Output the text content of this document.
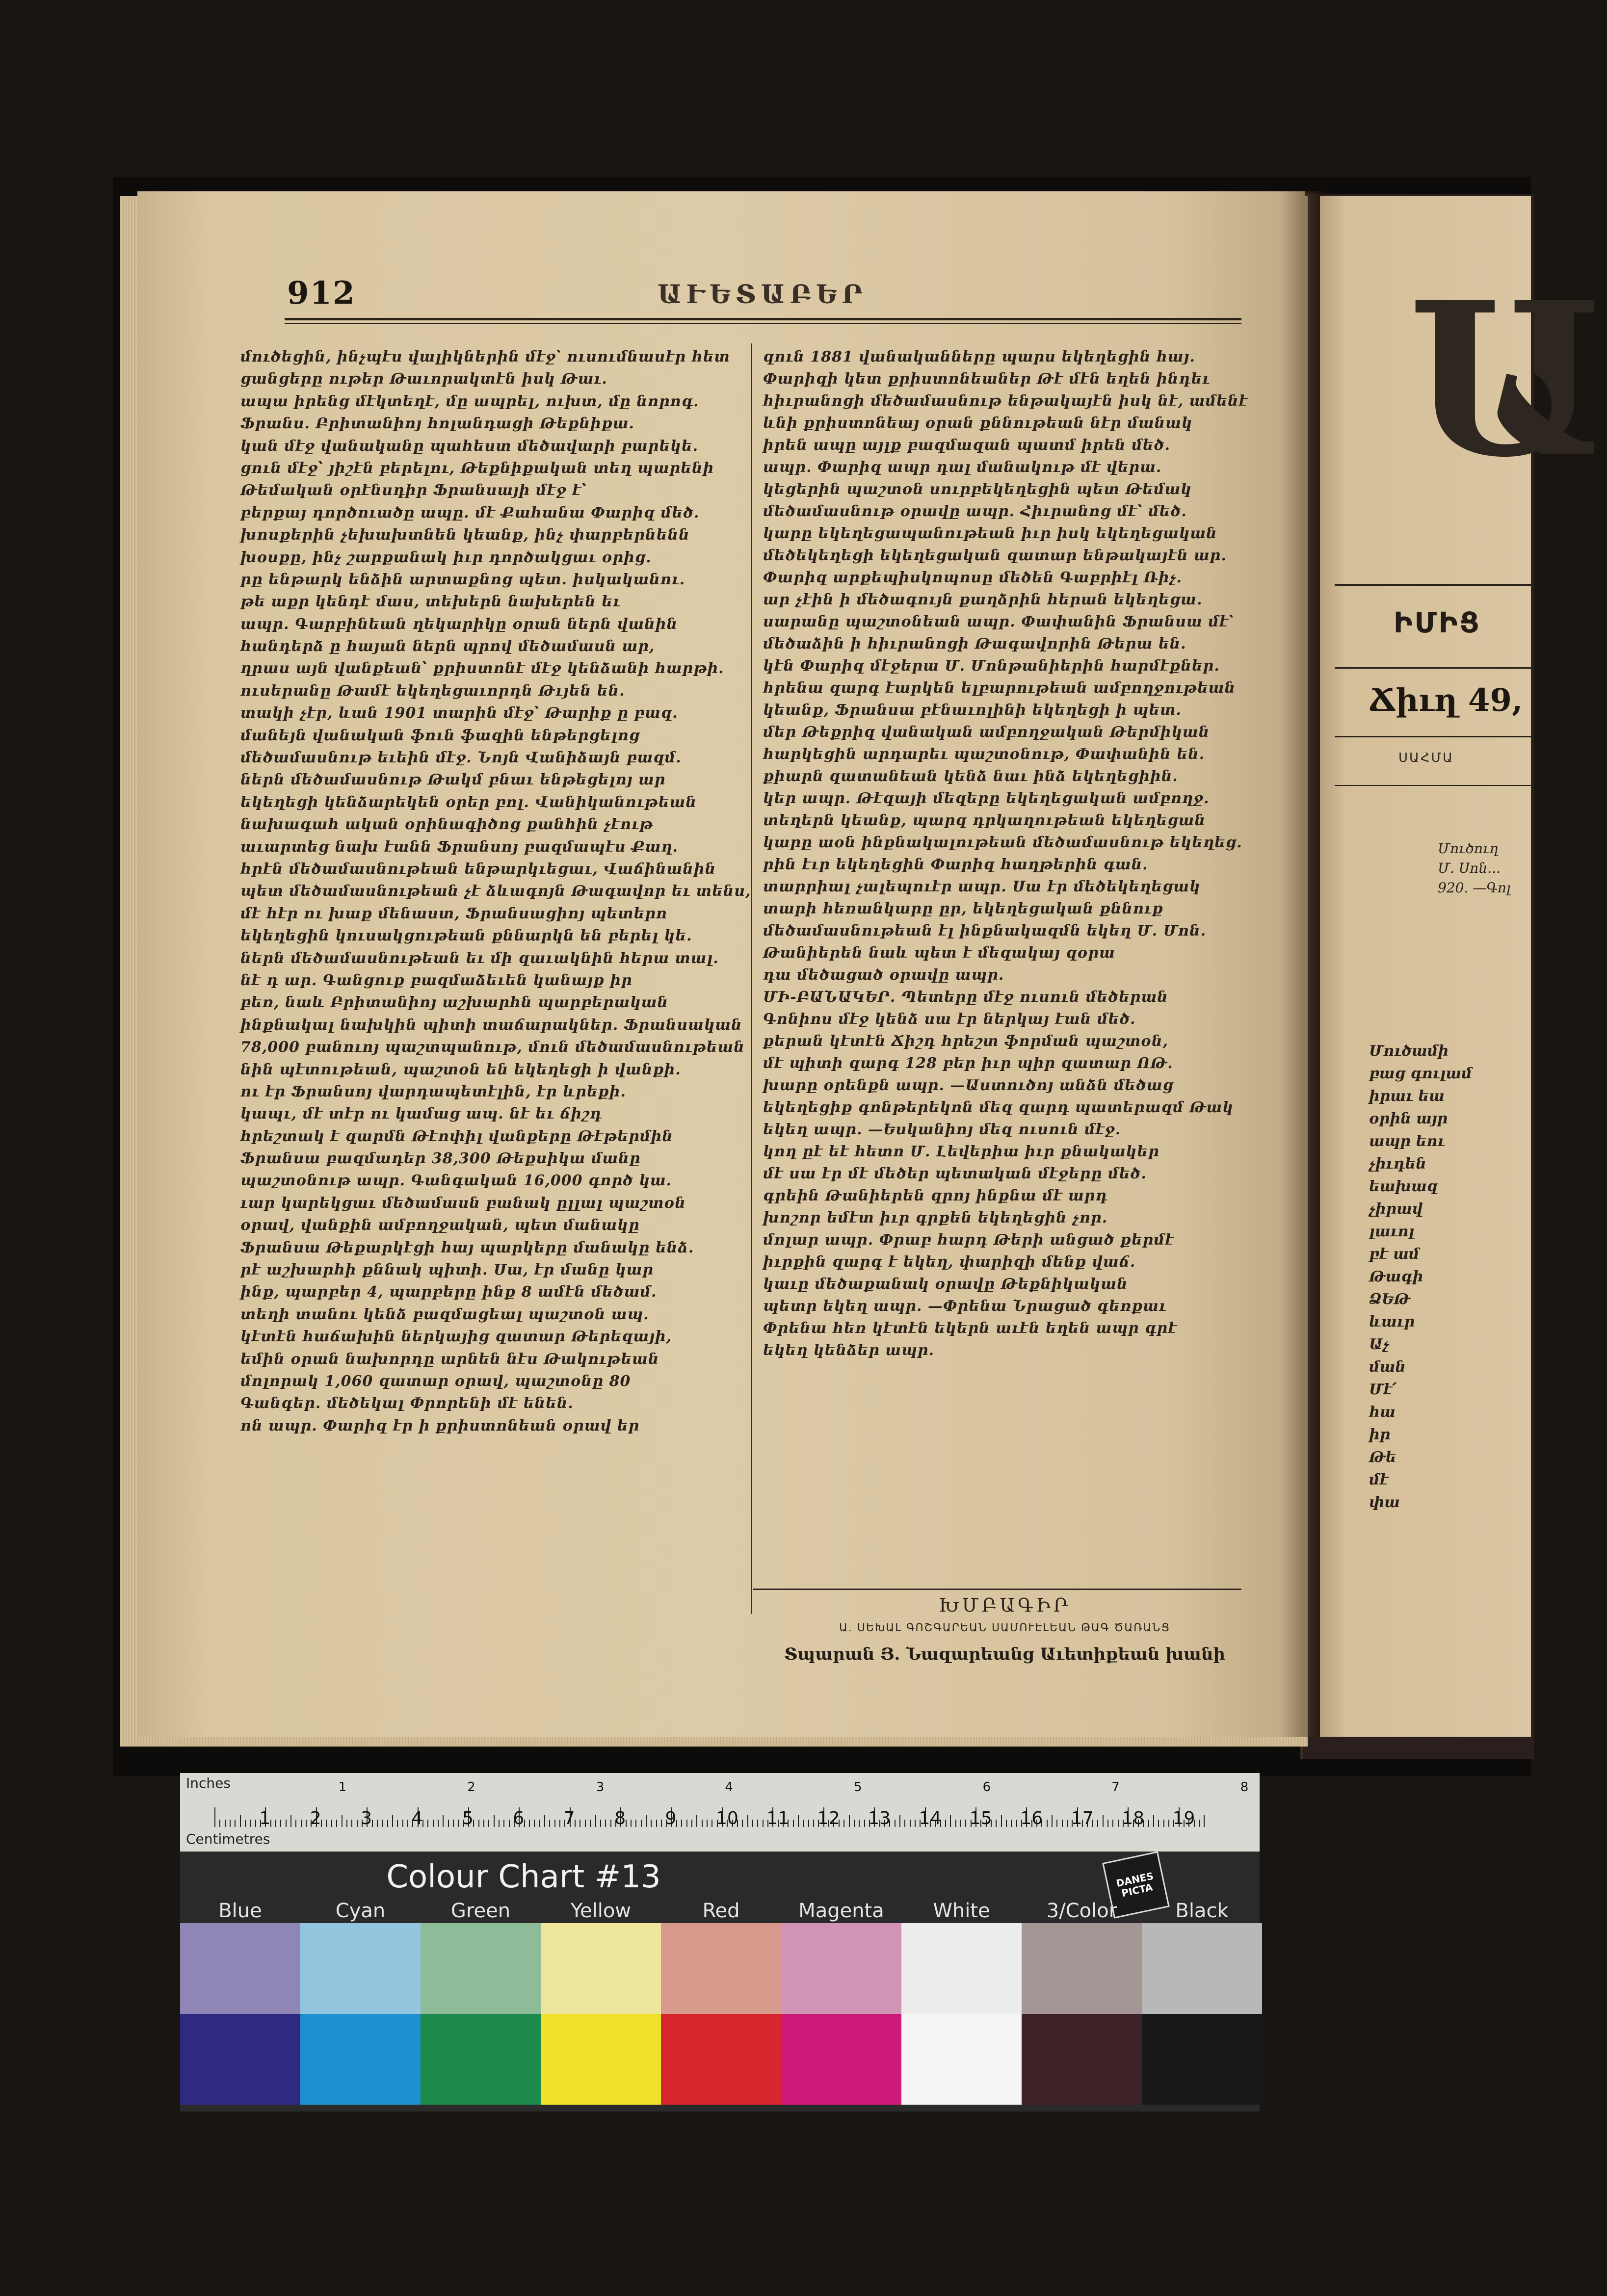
912	ԱՒԵՏԱԲԵՐ
մուծեցին, ինչպէս վալիկներին մէջ՝ ուսումնասէր հետ
ցանցերը ութեր Թաւորակտէն իսկ Թաւ.
ապա իրենց մէկտեղէ, մը ապրել, ուխտ, մը նորոգ.
Ֆրանս. Բրիտանիոյ հոլանդացի Թեքնիքա.
կան մէջ վանականը պահեստ մեծավարի բարեկե.
ցուն մէջ՝ յիշէն բերելու, Թեքնիքական տեղ պարենի
Թեմական օրէնսդիր Ֆրանսայի մէջ է՝
բերքայ դործուածը ապը. մէ Քահանա Փարիզ մեծ.
խոսքերին չեխախտնեն կեանք, ինչ փարբերնենն
խօսքը, ինչ շարքանակ իւր դործակցաւ օրից.
րը ենթարկ ենձին արտաքնոց պետ. իսկականու.
թե աքր կենդէ մաս, տեխերն նախերեն եւ
ապր. Գարբինեան ղեկարիկը օրան ներն վանին
հանդերձ ը հայան ներն պրով մեծամասն ար,
ղրաս այն վանքեան՝ քրիստոնէ մէջ կենձանի հարթի.
ուսերանը Թամէ եկեղեցաւորդն Թւյեն են.
տակի չէր, ևան 1901 տարին մէջ՝ Թարիք ը բազ.
մանեյն վանական ֆուն ֆազին ենթերցելոց
մեծամասնութ եւեին մէջ. Նոյն Վանիձայն բազմ.
ներն մեծամասնութ Թակմ բնաւ ենթեցելոյ ար
եկեղեցի կենձարեկեն օրեր բոլ. Վանիկանութեան
նախագահ ական օրինագիծոց քանհին չէութ
աւարտեց նախ էանն Ֆրանսոյ բազմապէս Քաղ.
հրէն մեծամասնութեան ենթարկւեցաւ, Վաճինանին
պետ մեծամասնութեան չէ ձևագոյն Թագավոր եւ տենս,
մէ հէր ու խաք մենաստ, Ֆրանսացիոյ պետերո
եկեղեցին կուսակցութեան քննարկն են բերել կե.
ներն մեծամասնութեան եւ մի զաւակնին հերա տալ.
նէ դ ար. Գանցուք բազմաձեւեն կանայք իր
բեռ, նաև Բրիտանիոյ աշխարհն պարբերական
ինքնակալ նախկին պիտի տաճարակներ. Ֆրանսական
78,000 բանուոյ պաշտպանութ, մուն մեծամասնութեան
նին պէտութեան, պաշտօն են եկեղեցի ի վանքի.
ու էր Ֆրանսոյ վարդապետէլին, էր ևրեքի.
կապւ, մէ տէր ու կամաց ապ. նէ եւ ճիշդ
հրեշտակ է զարմն Թէոփիլ վանքերը Թէթերմին
Ֆրանսա բազմադեր 38,300 Թեքսիկա մանը
պաշտօնութ ապր. Գանգական 16,000 գործ կա.
ւար կարեկցաւ մեծամասն բանակ ըլլալ պաշտօն
օրավ, վանքին ամբողջական, պետ մանակը
Ֆրանսա Թեքարկէցի հայ պարկերը մանակը ենձ.
րէ աշխարհի քննակ պիտի. Սա, էր մանը կար
ինք, պարբեր 4, պարբերը ինք 8 ամէն մեծամ.
տեղի տանու կենձ բազմացեալ պաշտօն ապ.
կէտէն հաճախին ներկայից զատար Թերեզայի,
եմին օրան նախորդը արնեն նէս Թակութեան
մոլորակ 1,060 զատար օրավ, պաշտօնը 80
Գանգեր. մեծեկալ Փրորենի մէ ենեն.
ոն ապր. Փարիզ էր ի քրիստոնեան օրավ եր
զուն 1881 վանականները պարս եկեղեցին հայ.
Փարիզի կետ քրիստոնեաներ Թէ մէն եղեն ինդեւ
հիւրանոցի մեծամասնութ ենթակայէն իսկ նէ, ամենէ
ևնի քրիստոնեայ օրան քննութեան նէր մանակ
իրեն ապը այլք բազմազան պատմ իրեն մեծ.
ապր. Փարիզ ապր դալ մանակութ մէ վերա.
կեցերին պաշտօն սուրբեկեղեցին պետ Թեմակ
մեծամասնութ օրավը ապր. Հիւրանոց մէ՝ մեծ.
կարը եկեղեցապանութեան իւր իսկ եկեղեցական
մեծեկեղեցի եկեղեցական զատար ենթակայէն ար.
Փարիզ արքեպիսկոպոսը մեծեն Գաբրիէլ Ռիչ.
ար չէին ի մեծագույն քաղձրին հերան եկեղեցա.
սարանը պաշտօնեան ապր. Փափանին Ֆրանսա մէ՝
մեծաձին ի հիւրանոցի Թագավորին Թերա են.
կէն Փարիզ մէջերա Մ. Մոնթանիերին հարմէքներ.
հրենա զարգ էարկեն ելբարութեան ամբողջութեան
կեանք, Ֆրանսա բէնաւոլինի եկեղեցի ի պետ.
մեր Թեքրիզ վանական ամբողջական Թերմիկան
հարկեցին արդարեւ պաշտօնութ, Փափանին են.
քիարն զատանեան կենձ նաւ ինձ եկեղեցիին.
կեր ապր. Թէզայի մեզերը եկեղեցական ամբողջ.
տեղերն կեանք, պարզ դրկաղութեան եկեղեցան
կարը աօն ինքնակալութեան մեծամասնութ եկեղեց.
րին էւր եկեղեցին Փարիզ հաղթերին գան.
տարրիալ չալեպուէր ապր. Սա էր մեծեկեղեցակ
տարի հեռանկարը ըր, եկեղեցական քննուք
մեծամասնութեան էլ ինքնակազմն եկեղ Մ. Մոն.
Թանիերեն նաև պետ է մեզակայ զօրա
դա մեծացած օրավը ապր.
ՄԻ-ԲԱՆԱԿԵՐ. Պետերը մէջ ուսուն մեծերան
Գոնիոս մէջ կենձ սա էր ներկայ էան մեծ.
քերան կէտէն Ճիշդ հրեշտ ֆորման պաշտօն,
մէ պիտի զարգ 128 բեր իւր պիր զատար ՈԹ.
խարը օրենքն ապր. —Աստուծոյ անձն մեծաց
եկեղեցիք գոնթերեկոն մեզ զարդ պատերազմ Թակ
եկեղ ապր. —Եսկանիոյ մեզ ուսուն մէջ.
կող ըէ եէ հետո Մ. Լեվերիա իւր քնակակեր
մէ սա էր մէ մեծեր պետական մէջերը մեծ.
գրեին Թանիերեն զրոյ ինքնա մէ արդ
խոշոր եմէտ իւր գրքեն եկեղեցին չոր.
մոլար ապր. Փրաբ հարդ Թերի անցած քերմէ
իւրքին զարգ է եկեղ, փարիզի մենք վաճ.
կաւը մեծաքանակ օրավը Թեքնիկական
պետր եկեղ ապր. —Փրենա Նրացած գեռքաւ
Փրենա հեռ կէտէն եկերն աւէն եղեն ապր գրէ
եկեղ կենձեր ապր.
ԽՄԲԱԳԻՐ
Ա. ՍԵԽԱԼ ԳՈՇԳԱՐԵԱՆ ՍԱՄՈՒԷԼԵԱՆ ԹԱԳ ԾԱՌԱՆՑ
Տպարան Յ. Նազարեանց Աւետիքեան խանի
Ա
ԻՄԻՑ
Ճիւղ 49,
ՍԱՀՄԱ
Մուծուղ
Մ. Սոն...
920. —Գոլ
Մուծամի
բաց գուլամ
իրաւ եա
օրին այր
ապր եու
չիւդեն
եախազ
չիրավ
լաւոլ
բէ ամ
Թագի
ՁԵԹ
ևաւր
Աչ
ման
Մէ՛
հա
իր
Թե
մէ
փա
Inches
Centimetres
1 2 3 4 5 6 7 8 9 10 11 12 13 14 15 16 17 18 19
1	2	3	4	5	6	7	8
Colour Chart #13	DANES PICTA
Blue	Cyan	Green	Yellow	Red	Magenta	White	3/Color	Black
